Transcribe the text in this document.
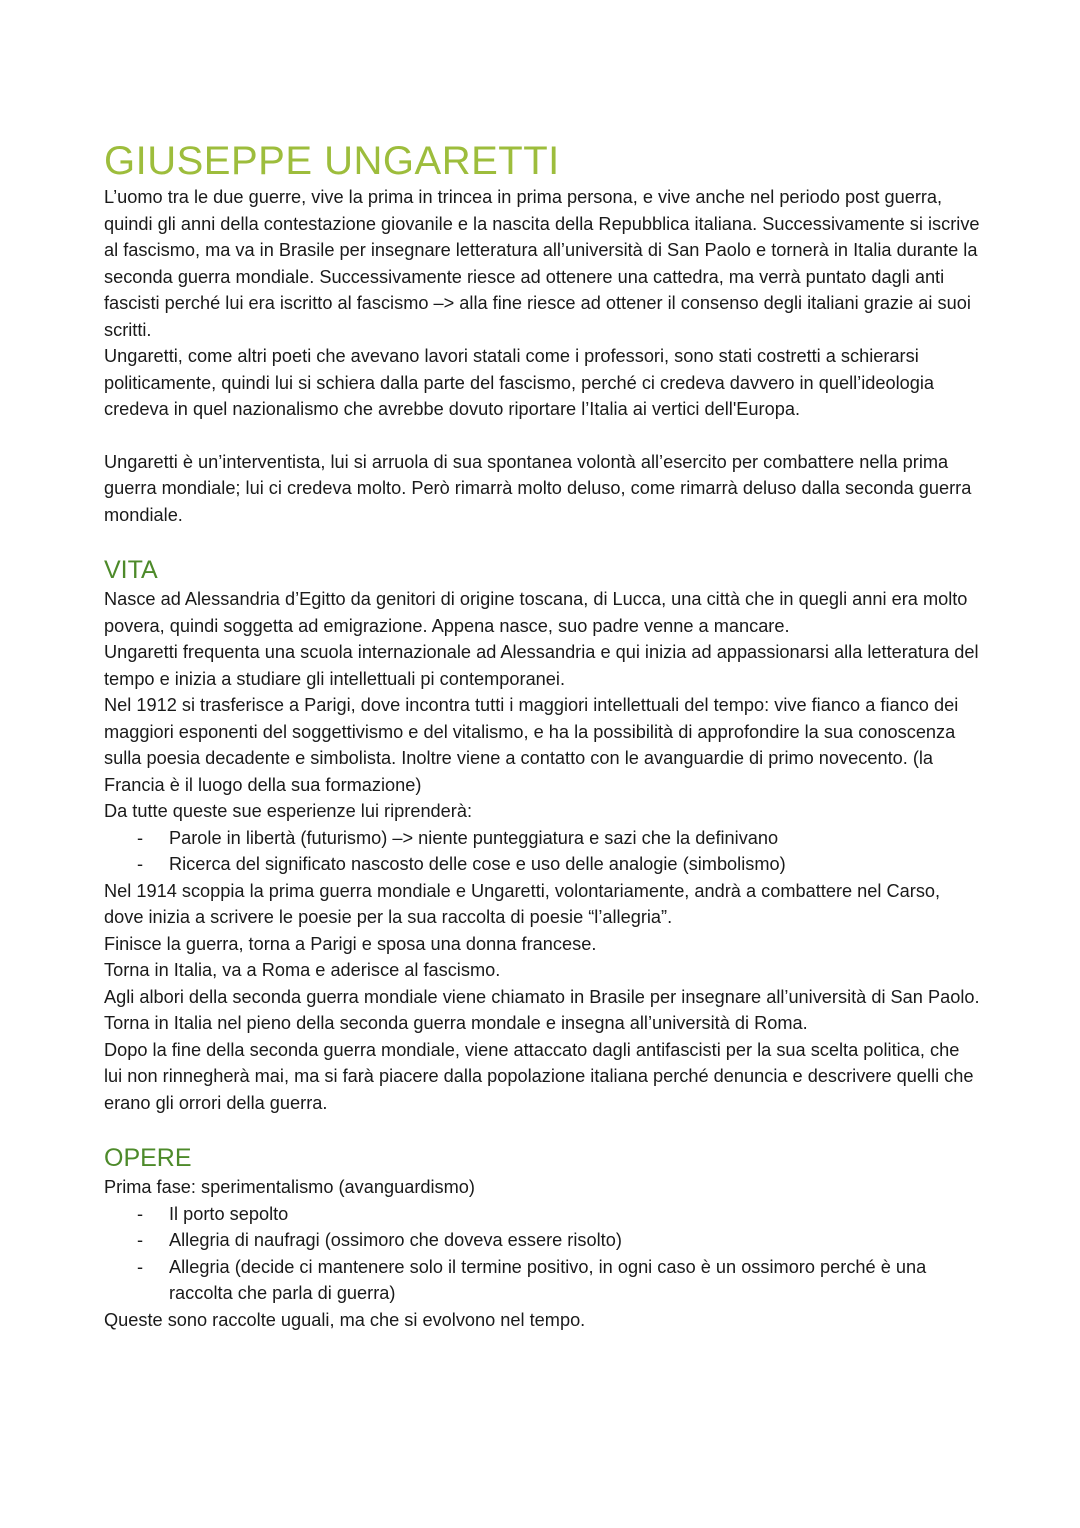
GIUSEPPE UNGARETTI

L’uomo tra le due guerre, vive la prima in trincea in prima persona, e vive anche nel periodo post guerra, quindi gli anni della contestazione giovanile e la nascita della Repubblica italiana. Successivamente si iscrive al fascismo, ma va in Brasile per insegnare letteratura all’università di San Paolo e tornerà in Italia durante la seconda guerra mondiale. Successivamente riesce ad ottenere una cattedra, ma verrà puntato dagli anti fascisti perché lui era iscritto al fascismo –> alla fine riesce ad ottener il consenso degli italiani grazie ai suoi scritti.

Ungaretti, come altri poeti che avevano lavori statali come i professori, sono stati costretti a schierarsi politicamente, quindi lui si schiera dalla parte del fascismo, perché ci credeva davvero in quell’ideologia credeva in quel nazionalismo che avrebbe dovuto riportare l’Italia ai vertici dell'Europa.

Ungaretti è un’interventista, lui si arruola di sua spontanea volontà all’esercito per combattere nella prima guerra mondiale; lui ci credeva molto. Però rimarrà molto deluso, come rimarrà deluso dalla seconda guerra mondiale.

VITA

Nasce ad Alessandria d’Egitto da genitori di origine toscana, di Lucca, una città che in quegli anni era molto povera, quindi soggetta ad emigrazione. Appena nasce, suo padre venne a mancare.

Ungaretti frequenta una scuola internazionale ad Alessandria e qui inizia ad appassionarsi alla letteratura del tempo e inizia a studiare gli intellettuali pi contemporanei.

Nel 1912 si trasferisce a Parigi, dove incontra tutti i maggiori intellettuali del tempo: vive fianco a fianco dei maggiori esponenti del soggettivismo e del vitalismo, e ha la possibilità di approfondire la sua conoscenza sulla poesia decadente e simbolista. Inoltre viene a contatto con le avanguardie di primo novecento. (la Francia è il luogo della sua formazione)

Da tutte queste sue esperienze lui riprenderà:

- Parole in libertà (futurismo) –> niente punteggiatura e sazi che la definivano
- Ricerca del significato nascosto delle cose e uso delle analogie (simbolismo)

Nel 1914 scoppia la prima guerra mondiale e Ungaretti, volontariamente, andrà a combattere nel Carso, dove inizia a scrivere le poesie per la sua raccolta di poesie “l’allegria”.

Finisce la guerra, torna a Parigi e sposa una donna francese.

Torna in Italia, va a Roma e aderisce al fascismo.

Agli albori della seconda guerra mondiale viene chiamato in Brasile per insegnare all’università di San Paolo.

Torna in Italia nel pieno della seconda guerra mondale e insegna all’università di Roma.

Dopo la fine della seconda guerra mondiale, viene attaccato dagli antifascisti per la sua scelta politica, che lui non rinnegherà mai, ma si farà piacere dalla popolazione italiana perché denuncia e descrivere quelli che erano gli orrori della guerra.

OPERE

Prima fase: sperimentalismo (avanguardismo)

- Il porto sepolto
- Allegria di naufragi (ossimoro che doveva essere risolto)
- Allegria (decide ci mantenere solo il termine positivo, in ogni caso è un ossimoro perché è una raccolta che parla di guerra)

Queste sono raccolte uguali, ma che si evolvono nel tempo.
